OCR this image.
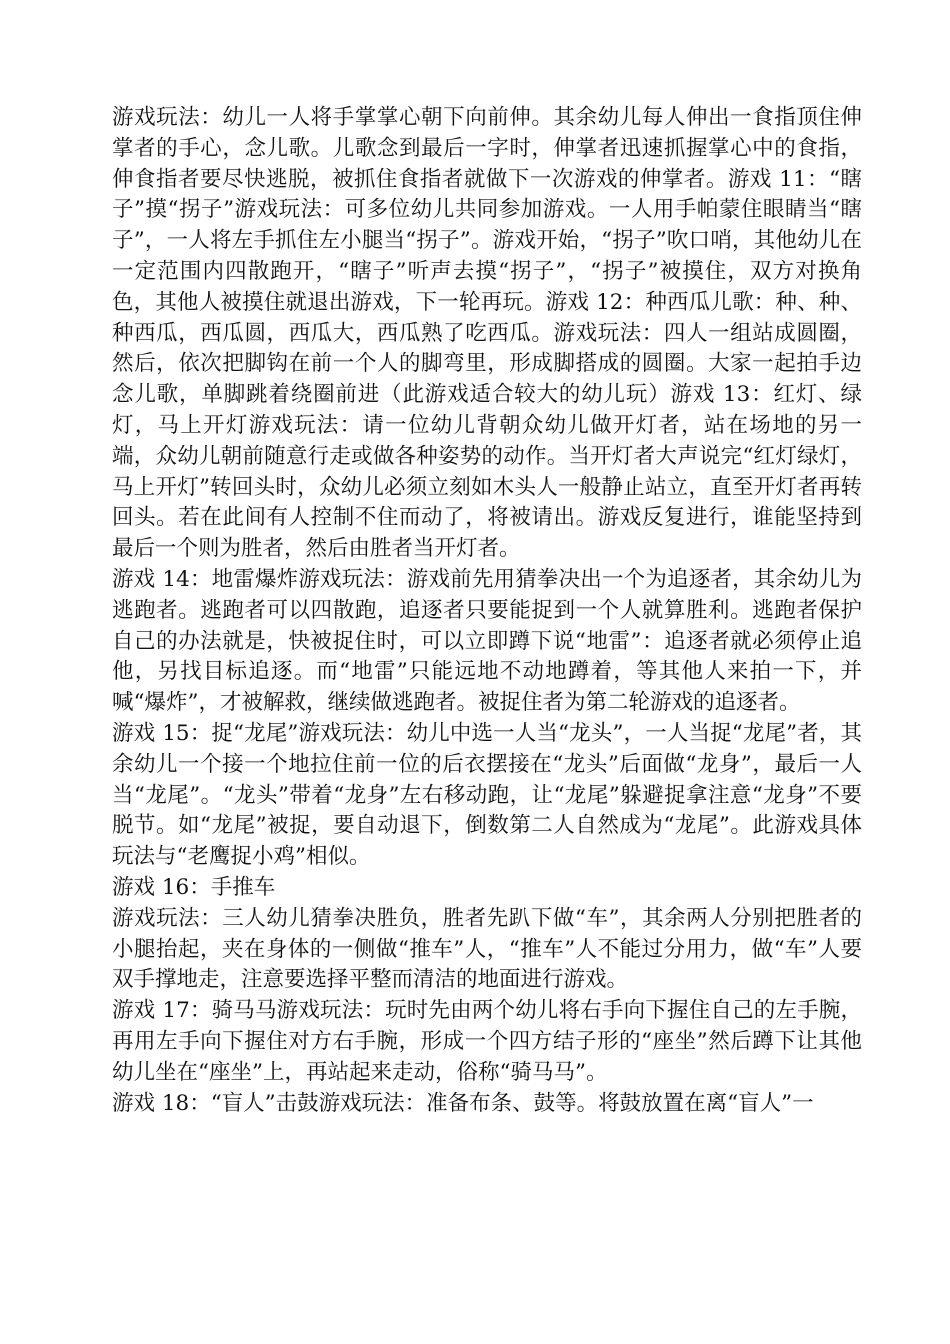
游戏玩法：幼儿一人将手掌掌心朝下向前伸。其余幼儿每人伸出一食指顶住伸掌者的手心，念儿歌。儿歌念到最后一字时，伸掌者迅速抓握掌心中的食指，伸食指者要尽快逃脱，被抓住食指者就做下一次游戏的伸掌者。游戏 11：“瞎子”摸“拐子”游戏玩法：可多位幼儿共同参加游戏。一人用手帕蒙住眼睛当“瞎子”，一人将左手抓住左小腿当“拐子”。游戏开始，“拐子”吹口哨，其他幼儿在一定范围内四散跑开，“瞎子”听声去摸“拐子”，“拐子”被摸住，双方对换角色，其他人被摸住就退出游戏，下一轮再玩。游戏 12：种西瓜儿歌：种、种、种西瓜，西瓜圆，西瓜大，西瓜熟了吃西瓜。游戏玩法：四人一组站成圆圈，然后，依次把脚钩在前一个人的脚弯里，形成脚搭成的圆圈。大家一起拍手边念儿歌，单脚跳着绕圈前进（此游戏适合较大的幼儿玩）游戏 13：红灯、绿灯，马上开灯游戏玩法：请一位幼儿背朝众幼儿做开灯者，站在场地的另一端，众幼儿朝前随意行走或做各种姿势的动作。当开灯者大声说完“红灯绿灯，马上开灯”转回头时，众幼儿必须立刻如木头人一般静止站立，直至开灯者再转回头。若在此间有人控制不住而动了，将被请出。游戏反复进行，谁能坚持到最后一个则为胜者，然后由胜者当开灯者。

游戏 14：地雷爆炸游戏玩法：游戏前先用猜拳决出一个为追逐者，其余幼儿为逃跑者。逃跑者可以四散跑，追逐者只要能捉到一个人就算胜利。逃跑者保护自己的办法就是，快被捉住时，可以立即蹲下说“地雷”：追逐者就必须停止追他，另找目标追逐。而“地雷”只能远地不动地蹲着，等其他人来拍一下，并喊“爆炸”，才被解救，继续做逃跑者。被捉住者为第二轮游戏的追逐者。

游戏 15：捉“龙尾”游戏玩法：幼儿中选一人当“龙头”，一人当捉“龙尾”者，其余幼儿一个接一个地拉住前一位的后衣摆接在“龙头”后面做“龙身”，最后一人当“龙尾”。“龙头”带着“龙身”左右移动跑，让“龙尾”躲避捉拿注意“龙身”不要脱节。如“龙尾”被捉，要自动退下，倒数第二人自然成为“龙尾”。此游戏具体玩法与“老鹰捉小鸡”相似。

游戏 16：手推车

游戏玩法：三人幼儿猜拳决胜负，胜者先趴下做“车”，其余两人分别把胜者的小腿抬起，夹在身体的一侧做“推车”人，“推车”人不能过分用力，做“车”人要双手撑地走，注意要选择平整而清洁的地面进行游戏。

游戏 17：骑马马游戏玩法：玩时先由两个幼儿将右手向下握住自己的左手腕，再用左手向下握住对方右手腕，形成一个四方结子形的“座坐”然后蹲下让其他幼儿坐在“座坐”上，再站起来走动，俗称“骑马马”。

游戏 18：“盲人”击鼓游戏玩法：准备布条、鼓等。将鼓放置在离“盲人”一
